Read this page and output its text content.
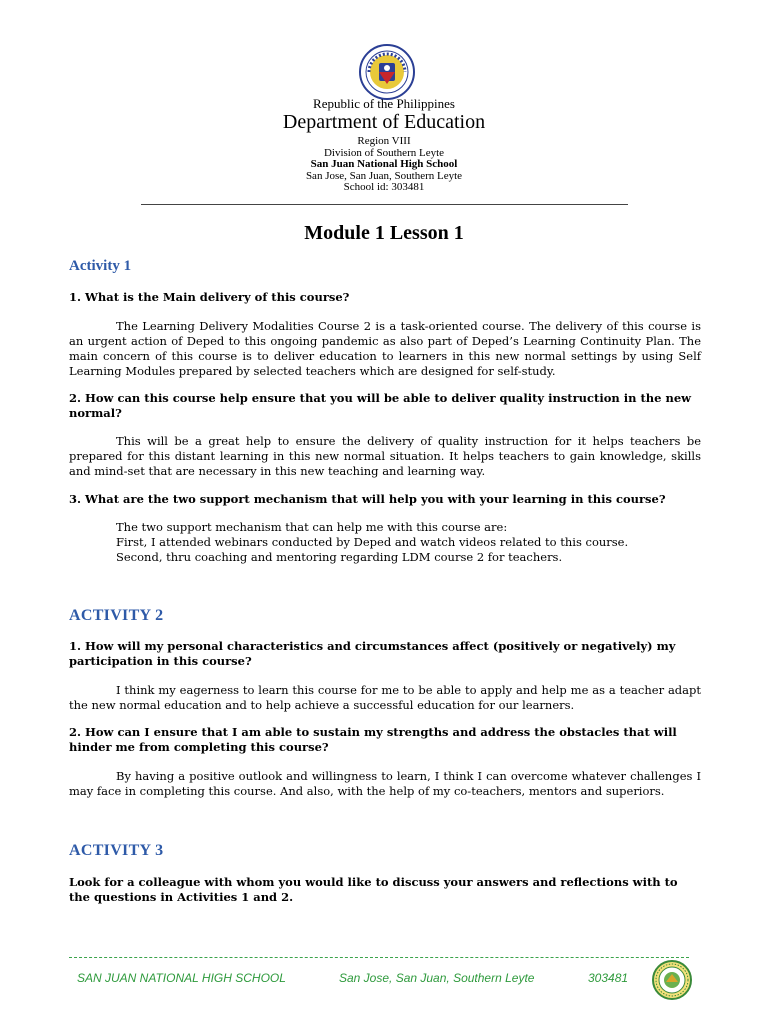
Republic of the Philippines
Department of Education
Region VIII
Division of Southern Leyte
San Juan National High School
San Jose, San Juan, Southern Leyte
School id: 303481
Module 1 Lesson 1
Activity 1
1. What is the Main delivery of this course?
The Learning Delivery Modalities Course 2 is a task-oriented course. The delivery of this course is an urgent action of Deped to this ongoing pandemic as also part of Deped’s Learning Continuity Plan. The main concern of this course is to deliver education to learners in this new normal settings by using Self Learning Modules prepared by selected teachers which are designed for self-study.
2. How can this course help ensure that you will be able to deliver quality instruction in the new normal?
This will be a great help to ensure the delivery of quality instruction for it helps teachers be prepared for this distant learning in this new normal situation. It helps teachers to gain knowledge, skills and mind-set that are necessary in this new teaching and learning way.
3. What are the two support mechanism that will help you with your learning in this course?
The two support mechanism that can help me with this course are:
First, I attended webinars conducted by Deped and watch videos related to this course.
Second, thru coaching and mentoring regarding LDM course 2 for teachers.
ACTIVITY 2
1. How will my personal characteristics and circumstances affect (positively or negatively) my participation in this course?
I think my eagerness to learn this course for me to be able to apply and help me as a teacher adapt the new normal education and to help achieve a successful education for our learners.
2. How can I ensure that I am able to sustain my strengths and address the obstacles that will hinder me from completing this course?
By having a positive outlook and willingness to learn, I think I can overcome whatever challenges I may face in completing this course. And also, with the help of my co-teachers, mentors and superiors.
ACTIVITY 3
Look for a colleague with whom you would like to discuss your answers and reflections with to the questions in Activities 1 and 2.
SAN JUAN NATIONAL HIGH SCHOOL	San Jose, San Juan, Southern Leyte	303481
